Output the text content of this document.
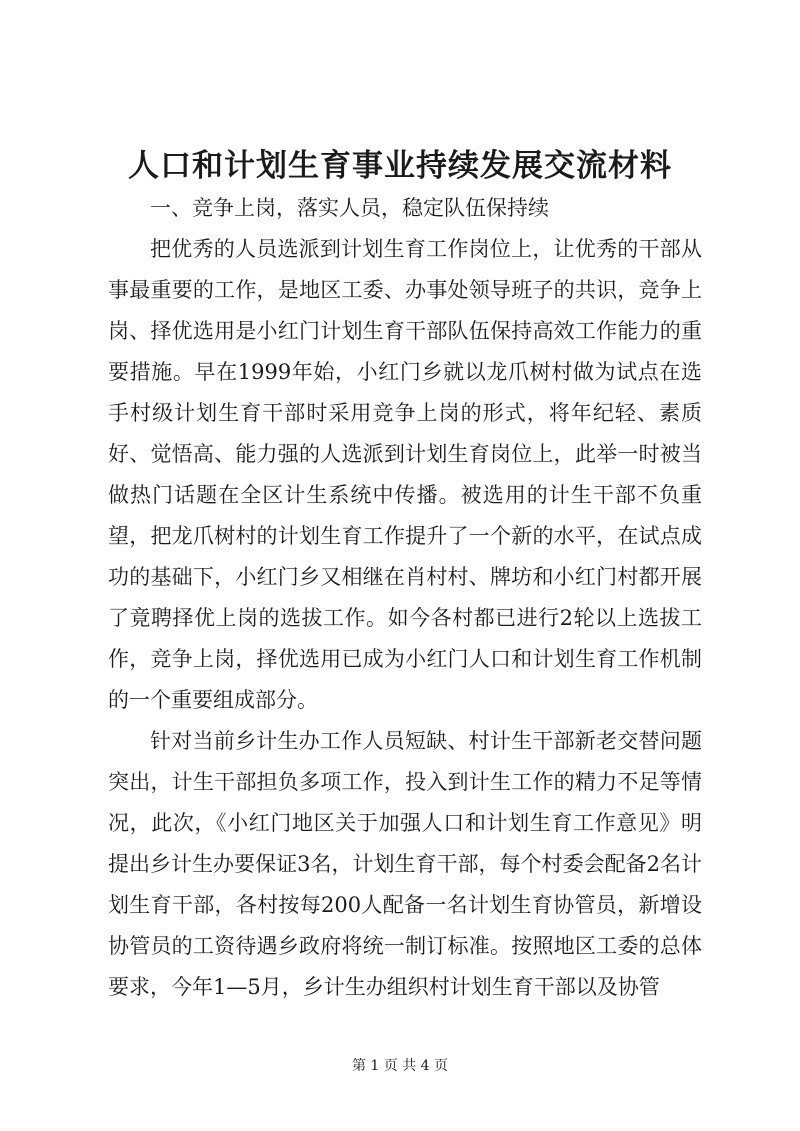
人口和计划生育事业持续发展交流材料

一、竞争上岗，落实人员，稳定队伍保持续

把优秀的人员选派到计划生育工作岗位上，让优秀的干部从事最重要的工作，是地区工委、办事处领导班子的共识，竞争上岗、择优选用是小红门计划生育干部队伍保持高效工作能力的重要措施。早在1999年始，小红门乡就以龙爪树村做为试点在选手村级计划生育干部时采用竞争上岗的形式，将年纪轻、素质好、觉悟高、能力强的人选派到计划生育岗位上，此举一时被当做热门话题在全区计生系统中传播。被选用的计生干部不负重望，把龙爪树村的计划生育工作提升了一个新的水平，在试点成功的基础下，小红门乡又相继在肖村村、牌坊和小红门村都开展了竟聘择优上岗的选拔工作。如今各村都已进行2轮以上选拔工作，竞争上岗，择优选用已成为小红门人口和计划生育工作机制的一个重要组成部分。

针对当前乡计生办工作人员短缺、村计生干部新老交替问题突出，计生干部担负多项工作，投入到计生工作的精力不足等情况，此次，《小红门地区关于加强人口和计划生育工作意见》明提出乡计生办要保证3名，计划生育干部，每个村委会配备2名计划生育干部，各村按每200人配备一名计划生育协管员，新增设协管员的工资待遇乡政府将统一制订标准。按照地区工委的总体要求，今年1—5月，乡计生办组织村计划生育干部以及协管

第 1 页 共 4 页
